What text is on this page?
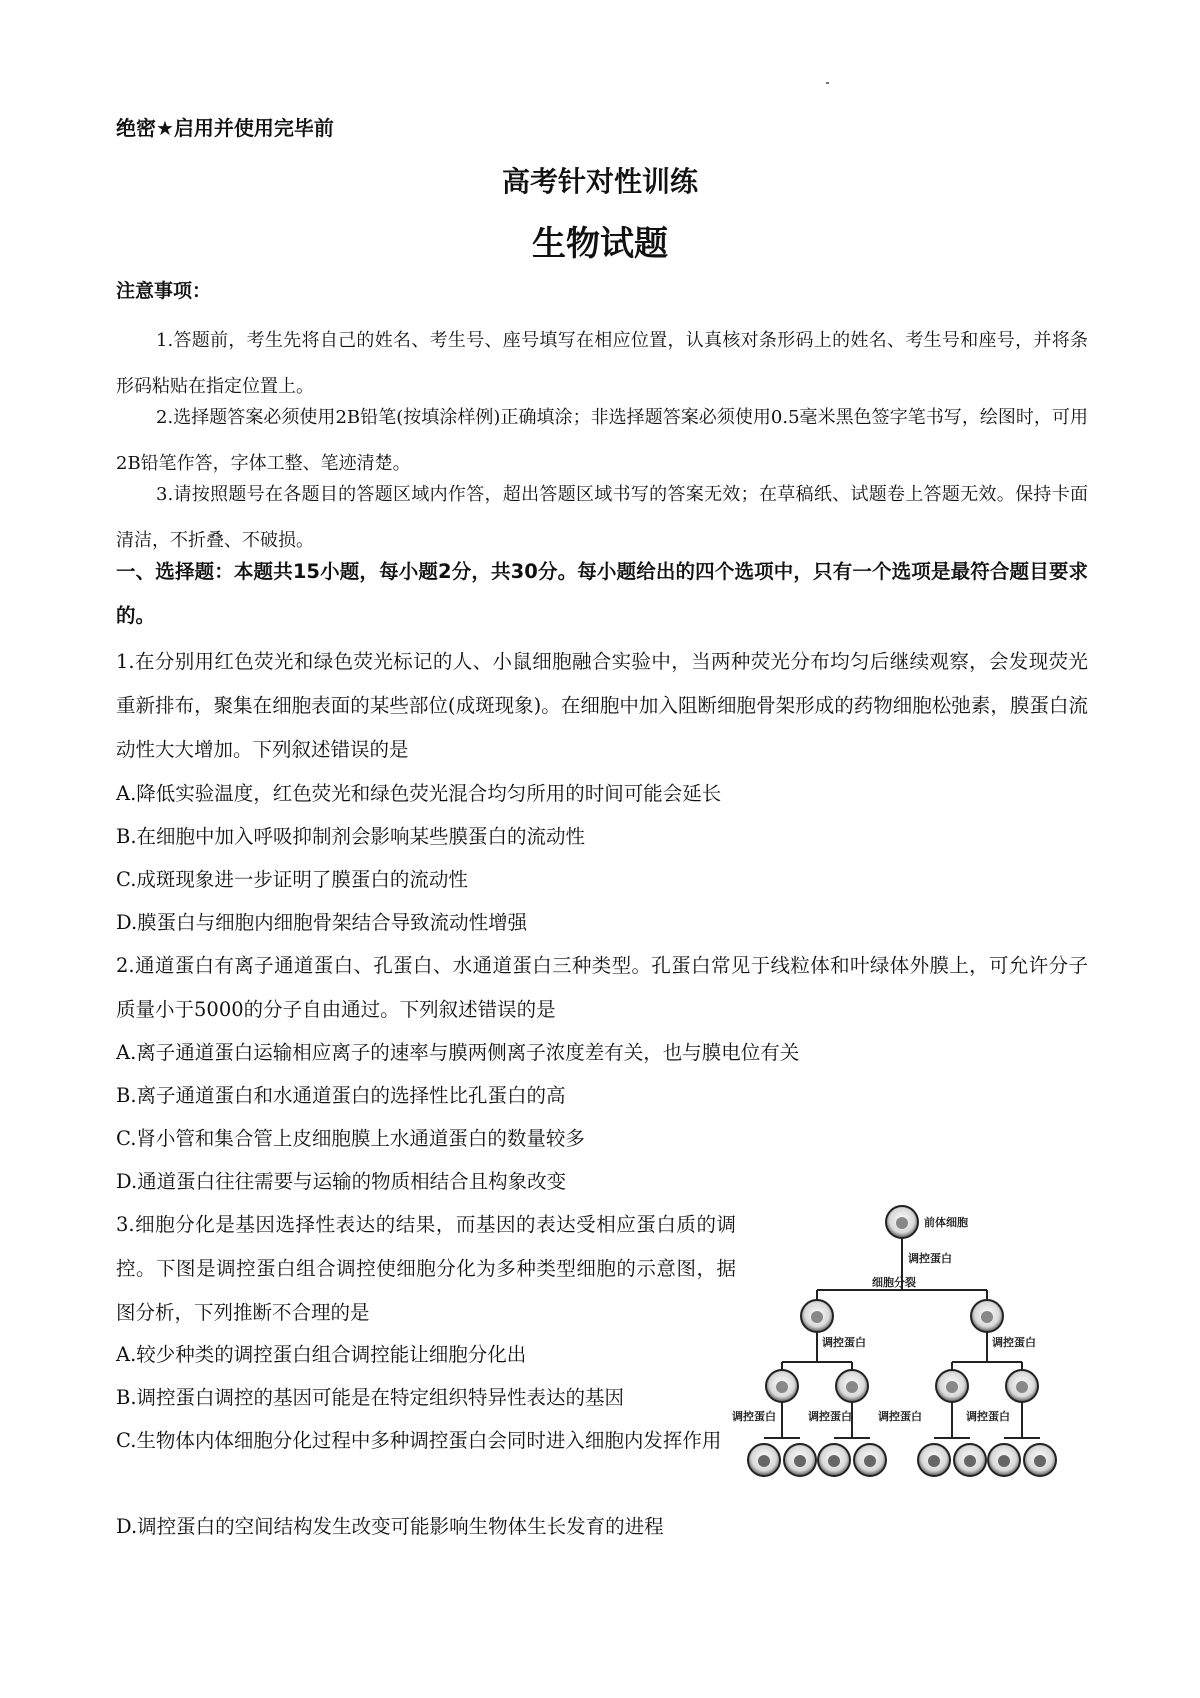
绝密★启用并使用完毕前
高考针对性训练
生物试题
注意事项：
1.答题前，考生先将自己的姓名、考生号、座号填写在相应位置，认真核对条形码上的姓名、考生号和座号，并将条形码粘贴在指定位置上。
2.选择题答案必须使用2B铅笔(按填涂样例)正确填涂；非选择题答案必须使用0.5毫米黑色签字笔书写，绘图时，可用2B铅笔作答，字体工整、笔迹清楚。
3.请按照题号在各题目的答题区域内作答，超出答题区域书写的答案无效；在草稿纸、试题卷上答题无效。保持卡面清洁，不折叠、不破损。
一、选择题：本题共15小题，每小题2分，共30分。每小题给出的四个选项中，只有一个选项是最符合题目要求的。
1.在分别用红色荧光和绿色荧光标记的人、小鼠细胞融合实验中，当两种荧光分布均匀后继续观察，会发现荧光重新排布，聚集在细胞表面的某些部位(成斑现象)。在细胞中加入阻断细胞骨架形成的药物细胞松弛素，膜蛋白流动性大大增加。下列叙述错误的是
A.降低实验温度，红色荧光和绿色荧光混合均匀所用的时间可能会延长
B.在细胞中加入呼吸抑制剂会影响某些膜蛋白的流动性
C.成斑现象进一步证明了膜蛋白的流动性
D.膜蛋白与细胞内细胞骨架结合导致流动性增强
2.通道蛋白有离子通道蛋白、孔蛋白、水通道蛋白三种类型。孔蛋白常见于线粒体和叶绿体外膜上，可允许分子质量小于5000的分子自由通过。下列叙述错误的是
A.离子通道蛋白运输相应离子的速率与膜两侧离子浓度差有关，也与膜电位有关
B.离子通道蛋白和水通道蛋白的选择性比孔蛋白的高
C.肾小管和集合管上皮细胞膜上水通道蛋白的数量较多
D.通道蛋白往往需要与运输的物质相结合且构象改变
3.细胞分化是基因选择性表达的结果，而基因的表达受相应蛋白质的调控。下图是调控蛋白组合调控使细胞分化为多种类型细胞的示意图，据图分析，下列推断不合理的是
A.较少种类的调控蛋白组合调控能让细胞分化出
B.调控蛋白调控的基因可能是在特定组织特异性表达的基因
C.生物体内体细胞分化过程中多种调控蛋白会同时进入细胞内发挥作用
D.调控蛋白的空间结构发生改变可能影响生物体生长发育的进程
前体细胞
调控蛋白
细胞分裂
调控蛋白	调控蛋白
调控蛋白	调控蛋白 调控蛋白	调控蛋白
